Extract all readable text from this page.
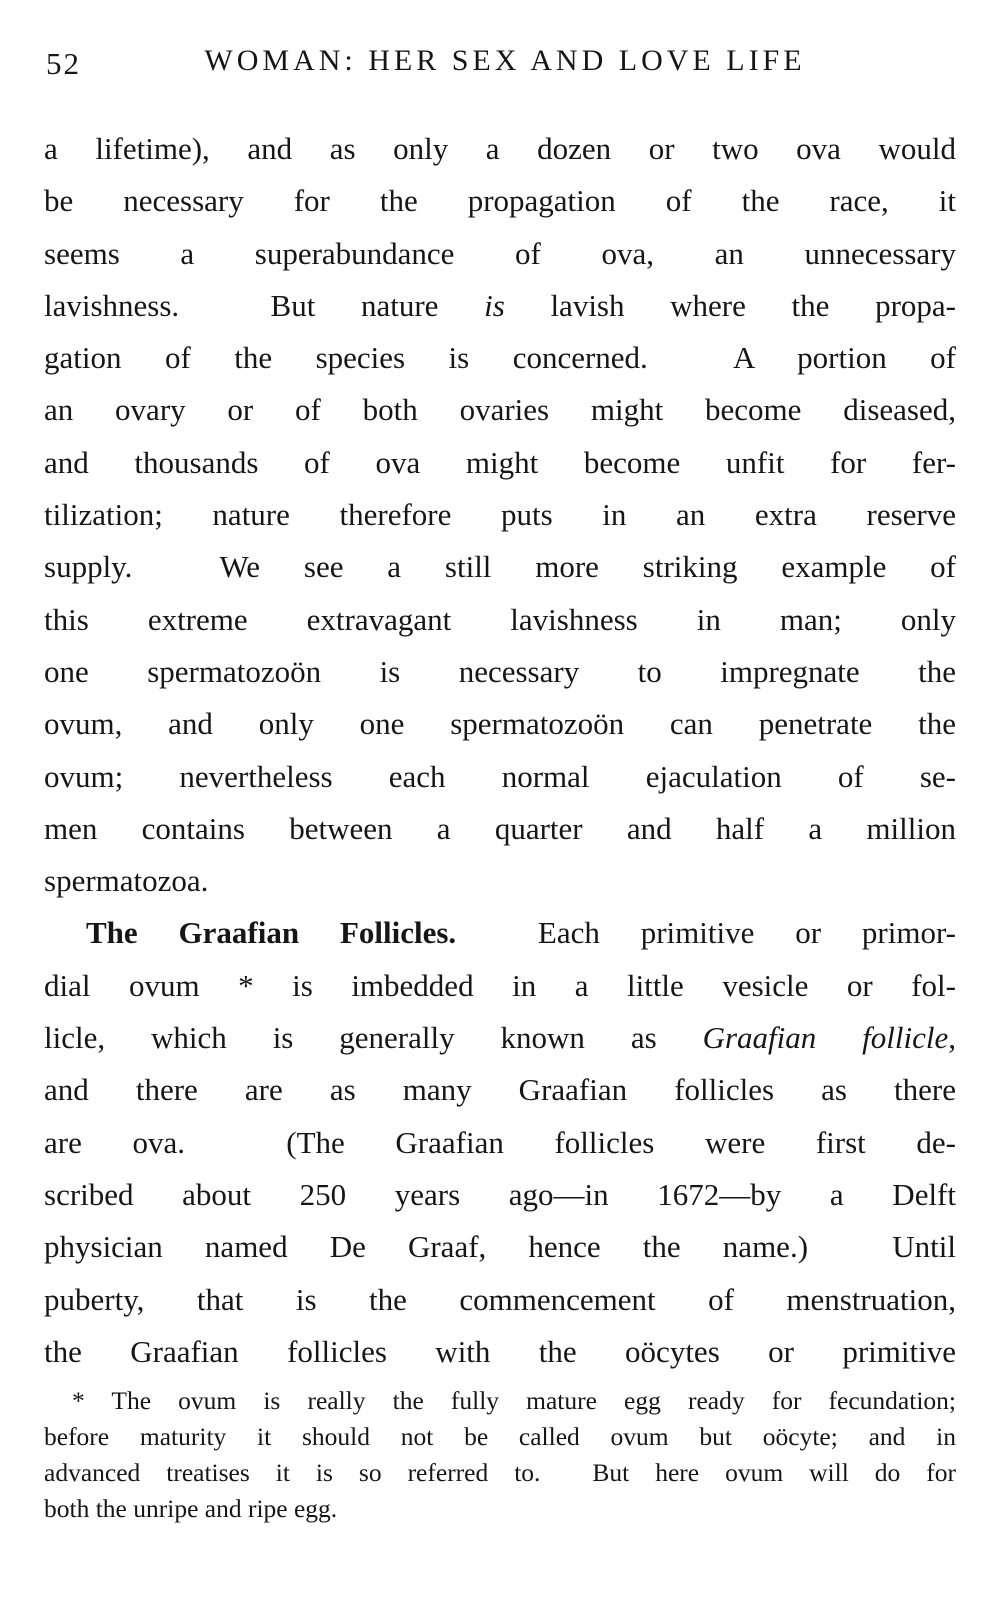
52	WOMAN: HER SEX AND LOVE LIFE
a lifetime), and as only a dozen or two ova would
be necessary for the propagation of the race, it
seems a superabundance of ova, an unnecessary
lavishness.  But nature is lavish where the propa-
gation of the species is concerned.  A portion of
an ovary or of both ovaries might become diseased,
and thousands of ova might become unfit for fer-
tilization; nature therefore puts in an extra reserve
supply.  We see a still more striking example of
this extreme extravagant lavishness in man; only
one spermatozoön is necessary to impregnate the
ovum, and only one spermatozoön can penetrate the
ovum; nevertheless each normal ejaculation of se-
men contains between a quarter and half a million
spermatozoa.
The Graafian Follicles.  Each primitive or primor-
dial ovum * is imbedded in a little vesicle or fol-
licle, which is generally known as Graafian follicle,
and there are as many Graafian follicles as there
are ova.  (The Graafian follicles were first de-
scribed about 250 years ago—in 1672—by a Delft
physician named De Graaf, hence the name.)  Until
puberty, that is the commencement of menstruation,
the Graafian follicles with the oöcytes or primitive
* The ovum is really the fully mature egg ready for fecundation;
before maturity it should not be called ovum but oöcyte; and in
advanced treatises it is so referred to.  But here ovum will do for
both the unripe and ripe egg.
